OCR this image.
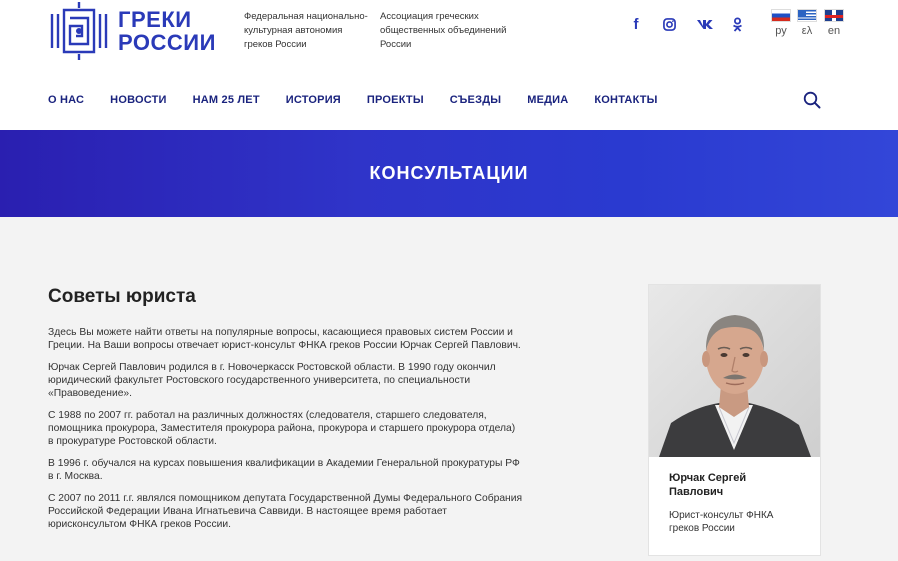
ГРЕКИ
РОССИИ
Федеральная национально-культурная автономия греков России
Ассоциация греческих общественных объединений России
f	ру	ελ	en
О НАС НОВОСТИ НАМ 25 ЛЕТ ИСТОРИЯ ПРОЕКТЫ СЪЕЗДЫ МЕДИА КОНТАКТЫ
КОНСУЛЬТАЦИИ
Советы юриста

Здесь Вы можете найти ответы на популярные вопросы, касающиеся правовых систем России и Греции. На Ваши вопросы отвечает юрист-консульт ФНКА греков России Юрчак Сергей Павлович.

Юрчак Сергей Павлович родился в г. Новочеркасск Ростовской области. В 1990 году окончил юридический факультет Ростовского государственного университета, по специальности «Правоведение».

С 1988 по 2007 гг. работал на различных должностях (следователя, старшего следователя, помощника прокурора, Заместителя прокурора района, прокурора и старшего прокурора отдела) в прокуратуре Ростовской области.

В 1996 г. обучался на курсах повышения квалификации в Академии Генеральной прокуратуры РФ в г. Москва.

С 2007 по 2011 г.г. являлся помощником депутата Государственной Думы Федерального Собрания Российской Федерации Ивана Игнатьевича Саввиди. В настоящее время работает юрисконсультом ФНКА греков России.

Юрчак Сергей Павлович
Юрист-консульт ФНКА греков России
